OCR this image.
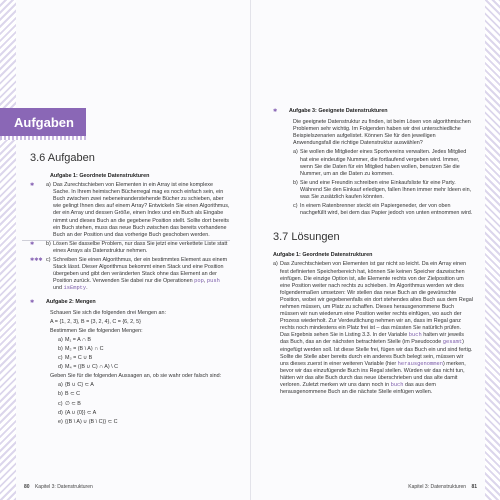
Aufgaben
3.6 Aufgaben
Aufgabe 1: Geordnete Datenstrukturen
✱	a) Das Zurechtschieben von Elementen in ein Array ist eine komplexe Sache. In Ihrem heimischen Bücherregal mag es noch einfach sein, ein Buch zwischen zwei nebeneinanderstehende Bücher zu schieben, aber wie gelingt Ihnen dies auf einem Array? Entwickeln Sie einen Algorithmus, der ein Array und dessen Größe, einen Index und ein Buch als Eingabe nimmt und dieses Buch an die gegebene Position stellt. Sollte dort bereits ein Buch stehen, muss das neue Buch zwischen das bereits vorhandene Buch an der Position und das vorherige Buch geschoben werden.
✱	b) Lösen Sie dasselbe Problem, nur dass Sie jetzt eine verkettete Liste statt eines Arrays als Datenstruktur nehmen.
✱✱✱ c) Schreiben Sie einen Algorithmus, der ein bestimmtes Element aus einem Stack lässt. Dieser Algorithmus bekommt einen Stack und eine Position übergeben und gibt den veränderten Stack ohne das Element an der Position zurück. Verwenden Sie dabei nur die Operationen pop, push und isEmpty.
✱	Aufgabe 2: Mengen

Schauen Sie sich die folgenden drei Mengen an:

A = {1, 2, 3}, B = {3, 2, 4}, C = {6, 2, 5}

Bestimmen Sie die folgenden Mengen:

a) M₁ = A ∩ B
b) M₂ = (B \ A) ∩ C
c) M₃ = C ∪ B
d) M₄ = ((B ∪ C) ∩ A) \ C

Geben Sie für die folgenden Aussagen an, ob sie wahr oder falsch sind:

a) {B ∪ C} ⊂ A
b) B ⊂ C
c) ∅ ⊂ B
d) {A ∪ {0}} ⊂ A
e) {(B \ A) ∪ (B \ C)} ⊂ C
80 Kapitel 3: Datenstrukturen
✱	Aufgabe 3: Geeignete Datenstrukturen

Die geeignete Datenstruktur zu finden, ist beim Lösen von algorithmischen Problemen sehr wichtig. Im Folgenden haben wir drei unterschiedliche Beispielszenarien aufgelistet. Können Sie für den jeweiligen Anwendungsfall die richtige Datenstruktur auswählen?

a) Sie wollen die Mitglieder eines Sportvereins verwalten. Jedes Mitglied hat eine eindeutige Nummer, die fortlaufend vergeben wird. Immer, wenn Sie die Daten für ein Mitglied haben wollen, benutzen Sie die Nummer, um an die Daten zu kommen.
b) Sie und eine Freundin schreiben eine Einkaufsliste für eine Party. Während Sie den Einkauf erledigen, fallen Ihnen immer mehr Ideen ein, was Sie zusätzlich kaufen könnten.
c) In einem Ratenbrenner steckt ein Papiergeneder, der von oben nachgefüllt wird, bei dem das Papier jedoch von unten entnommen wird.
3.7 Lösungen
Aufgabe 1: Geordnete Datenstrukturen
a) Das Zurechtschieben von Elementen ist gar nicht so leicht. Da ein Array einen fest definierten Speicherbereich hat, können Sie keinen Speicher dazwischen einfügen. Die einzige Option ist, alle Elemente rechts von der Zielposition um eine Position weiter nach rechts zu schieben. Im Algorithmus werden wir dies folgendermaßen umsetzen: Wir stellen das neue Buch an die gewünschte Position, wobei wir gegebenenfalls ein dort stehendes altes Buch aus dem Regal nehmen müssen, um Platz zu schaffen. Dieses herausgenommene Buch müssen wir nun wiederum eine Position weiter rechts einfügen, wo auch der Prozess wiederholt. Zur Verdeutlichung nehmen wir an, dass im Regal ganz rechts noch mindestens ein Platz frei ist – das müssten Sie natürlich prüfen.
Das Ergebnis sehen Sie in Listing 3.3. In der Variable buch halten wir jeweils das Buch, das an der nächsten betrachteten Stelle (im Pseudocode gesamt) eingefügt werden soll. Ist diese Stelle frei, fügen wir das Buch ein und sind fertig. Sollte die Stelle aber bereits durch ein anderes Buch belegt sein, müssen wir uns dieses zuerst in einer weiteren Variable (hier herausgenommen) merken, bevor wir das einzufügende Buch ins Regal stellen. Würden wir das nicht tun, hätten wir das alte Buch durch das neue überschrieben und das alte damit verloren. Zuletzt merken wir uns dann noch in buch das aus dem herausgenommene Buch an die nächste Stelle einfügen wollen.
Kapitel 3: Datenstrukturen 81
